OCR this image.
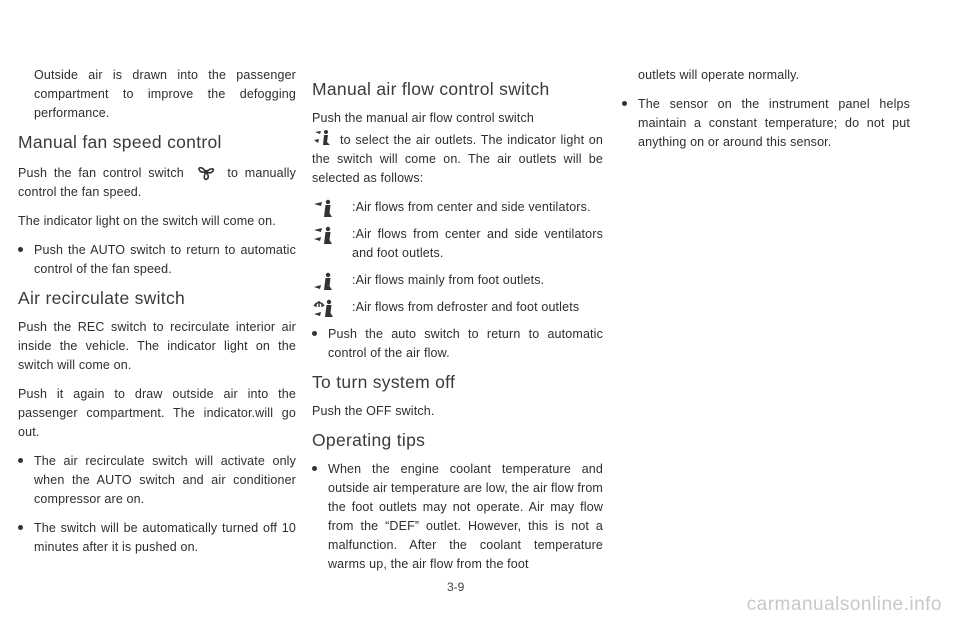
Outside air is drawn into the passenger compartment to improve the defogging performance.

Manual fan speed control

Push the fan control switch	to manually control the fan speed.

The indicator light on the switch will come on.

Push the AUTO switch to return to automatic control of the fan speed.
Air recirculate switch

Push the REC switch to recirculate interior air inside the vehicle. The indicator light on the switch will come on.

Push it again to draw outside air into the passenger compartment. The indicator.will go out.

The air recirculate switch will activate only when the AUTO switch and air conditioner compressor are on.
The switch will be automatically turned off 10 minutes after it is pushed on.
Manual air flow control switch

Push the manual air flow control switch
to select the air outlets. The indicator light on the switch will come on. The air outlets will be selected as follows:

:Air flows from center and side ventilators.
:Air flows from center and side ventilators and foot outlets.
:Air flows mainly from foot outlets.
:Air flows from defroster and foot outlets
Push the auto switch to return to automatic control of the air flow.
To turn system off

Push the OFF switch.

Operating tips
When the engine coolant temperature and outside air temperature are low, the air flow from the foot outlets may not operate. Air may flow from the “DEF” outlet. However, this is not a malfunction. After the coolant temperature warms up, the air flow from the foot

outlets will operate normally.

The sensor on the instrument panel helps maintain a constant temperature; do not put anything on or around this sensor.
3-9
carmanualsonline.info
